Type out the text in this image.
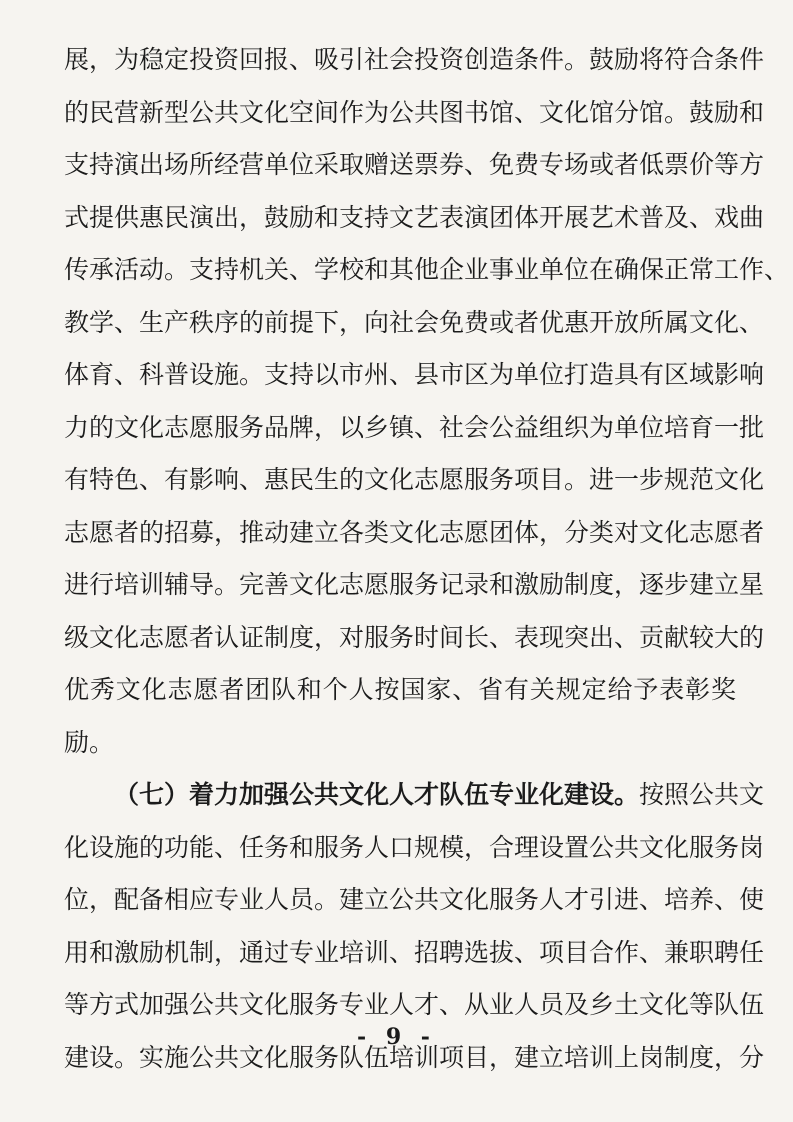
展，为稳定投资回报、吸引社会投资创造条件。鼓励将符合条件
的民营新型公共文化空间作为公共图书馆、文化馆分馆。鼓励和
支持演出场所经营单位采取赠送票券、免费专场或者低票价等方
式提供惠民演出，鼓励和支持文艺表演团体开展艺术普及、戏曲
传承活动。支持机关、学校和其他企业事业单位在确保正常工作、
教学、生产秩序的前提下，向社会免费或者优惠开放所属文化、
体育、科普设施。支持以市州、县市区为单位打造具有区域影响
力的文化志愿服务品牌，以乡镇、社会公益组织为单位培育一批
有特色、有影响、惠民生的文化志愿服务项目。进一步规范文化
志愿者的招募，推动建立各类文化志愿团体，分类对文化志愿者
进行培训辅导。完善文化志愿服务记录和激励制度，逐步建立星
级文化志愿者认证制度，对服务时间长、表现突出、贡献较大的
优秀文化志愿者团队和个人按国家、省有关规定给予表彰奖
励。
（七）着力加强公共文化人才队伍专业化建设。按照公共文
化设施的功能、任务和服务人口规模，合理设置公共文化服务岗
位，配备相应专业人员。建立公共文化服务人才引进、培养、使
用和激励机制，通过专业培训、招聘选拔、项目合作、兼职聘任
等方式加强公共文化服务专业人才、从业人员及乡土文化等队伍
建设。实施公共文化服务队伍培训项目，建立培训上岗制度，分
- 9 -
